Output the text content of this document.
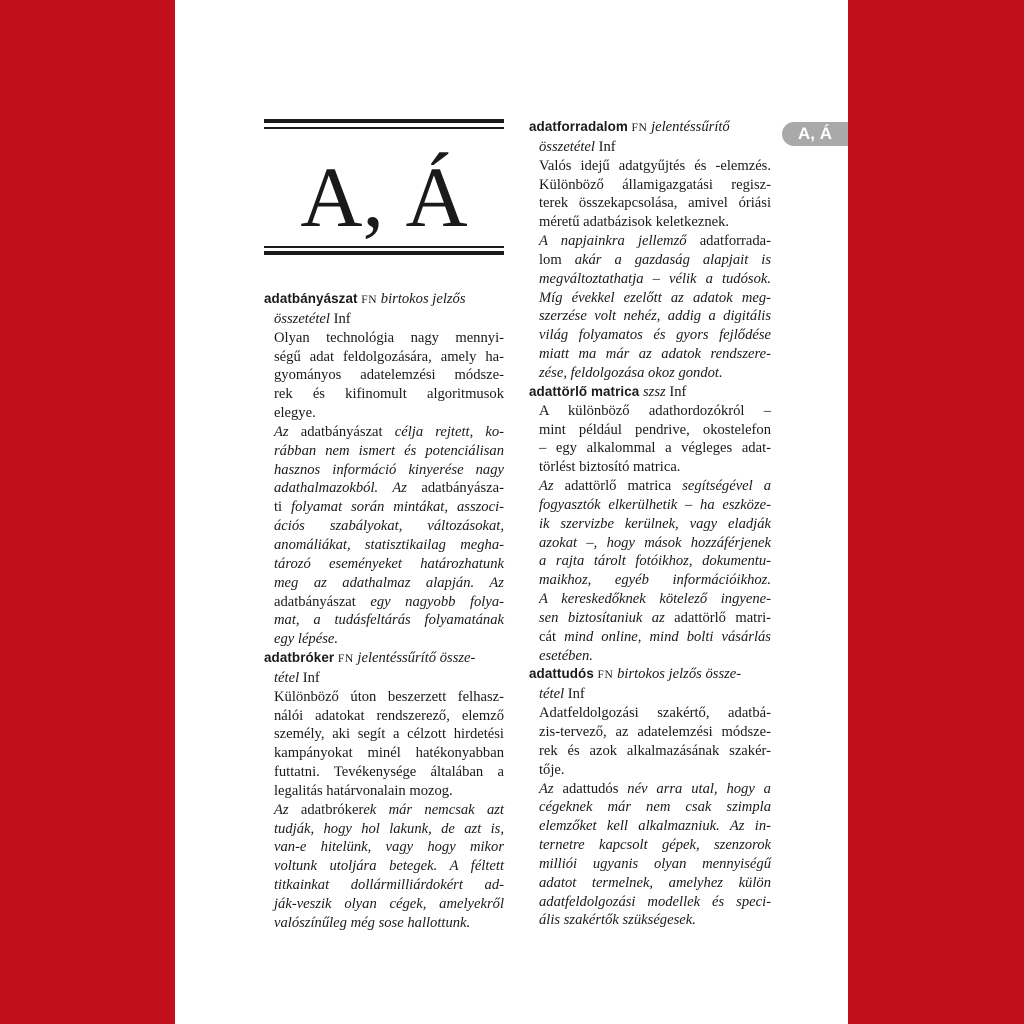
A, Á
A, Á
adatbányászat FN birtokos jelzős
összetétel Inf
Olyan technológia nagy mennyi-
ségű adat feldolgozására, amely ha-
gyományos adatelemzési módsze-
rek és kifinomult algoritmusok
elegye.
Az adatbányászat célja rejtett, ko-
rábban nem ismert és potenciálisan
hasznos információ kinyerése nagy
adathalmazokból. Az adatbányásza-
ti folyamat során mintákat, asszoci-
ációs szabályokat, változásokat,
anomáliákat, statisztikailag megha-
tározó eseményeket határozhatunk
meg az adathalmaz alapján. Az
adatbányászat egy nagyobb folya-
mat, a tudásfeltárás folyamatának
egy lépése.
adatbróker FN jelentéssűrítő össze-
tétel Inf
Különböző úton beszerzett felhasz-
nálói adatokat rendszerező, elemző
személy, aki segít a célzott hirdetési
kampányokat minél hatékonyabban
futtatni. Tevékenysége általában a
legalitás határvonalain mozog.
Az adatbrókerek már nemcsak azt
tudják, hogy hol lakunk, de azt is,
van-e hitelünk, vagy hogy mikor
voltunk utoljára betegek. A féltett
titkainkat dollármilliárdokért ad-
ják-veszik olyan cégek, amelyekről
valószínűleg még sose hallottunk.
adatforradalom FN jelentéssűrítő
összetétel Inf
Valós idejű adatgyűjtés és -elemzés.
Különböző államigazgatási regisz-
terek összekapcsolása, amivel óriási
méretű adatbázisok keletkeznek.
A napjainkra jellemző adatforrada-
lom akár a gazdaság alapjait is
megváltoztathatja – vélik a tudósok.
Míg évekkel ezelőtt az adatok meg-
szerzése volt nehéz, addig a digitális
világ folyamatos és gyors fejlődése
miatt ma már az adatok rendszere-
zése, feldolgozása okoz gondot.
adattörlő matrica szsz Inf
A különböző adathordozókról –
mint például pendrive, okostelefon
– egy alkalommal a végleges adat-
törlést biztosító matrica.
Az adattörlő matrica segítségével a
fogyasztók elkerülhetik – ha eszköze-
ik szervizbe kerülnek, vagy eladják
azokat –, hogy mások hozzáférjenek
a rajta tárolt fotóikhoz, dokumentu-
maikhoz, egyéb információikhoz.
A kereskedőknek kötelező ingyene-
sen biztosítaniuk az adattörlő matri-
cát mind online, mind bolti vásárlás
esetében.
adattudós FN birtokos jelzős össze-
tétel Inf
Adatfeldolgozási szakértő, adatbá-
zis-tervező, az adatelemzési módsze-
rek és azok alkalmazásának szakér-
tője.
Az adattudós név arra utal, hogy a
cégeknek már nem csak szimpla
elemzőket kell alkalmazniuk. Az in-
ternetre kapcsolt gépek, szenzorok
milliói ugyanis olyan mennyiségű
adatot termelnek, amelyhez külön
adatfeldolgozási modellek és speci-
ális szakértők szükségesek.
